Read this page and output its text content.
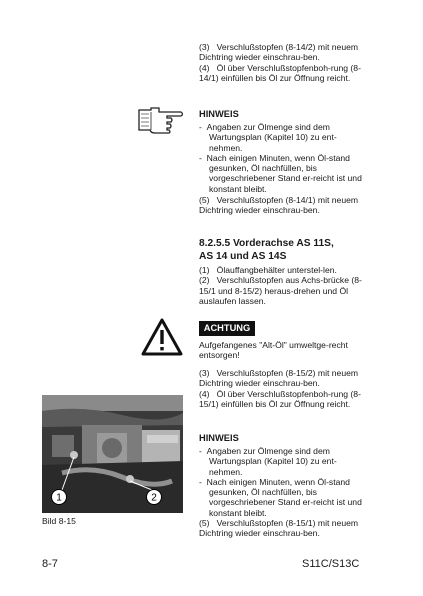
(3)   Verschlußstopfen (8-14/2) mit neuem Dichtring wieder einschrau-ben.

(4)   Öl über Verschlußstopfenboh-rung (8-14/1) einfüllen bis Öl zur Öffnung reicht.

HINWEIS

-  Angaben zur Ölmenge sind dem Wartungsplan (Kapitel 10) zu ent-nehmen.

-  Nach einigen Minuten, wenn Öl-stand gesunken, Öl nachfüllen, bis vorgeschriebener Stand er-reicht ist und konstant bleibt.

(5)   Verschlußstopfen (8-14/1) mit neuem Dichtring wieder einschrau-ben.

8.2.5.5 Vorderachse AS 11S,
AS 14 und AS 14S

(1)   Ölauffangbehälter unterstel-len.

(2)   Verschlußstopfen aus Achs-brücke (8-15/1 und 8-15/2) heraus-drehen und Öl auslaufen lassen.

ACHTUNG
Aufgefangenes "Alt-Öl" umweltge-recht entsorgen!

(3)   Verschlußstopfen (8-15/2) mit neuem Dichtring wieder einschrau-ben.

(4)   Öl über Verschlußstopfenboh-rung (8-15/1) einfüllen bis Öl zur Öffnung reicht.

HINWEIS

-  Angaben zur Ölmenge sind dem Wartungsplan (Kapitel 10) zu ent-nehmen.

-  Nach einigen Minuten, wenn Öl-stand gesunken, Öl nachfüllen, bis vorgeschriebener Stand er-reicht ist und konstant bleibt.

(5)   Verschlußstopfen (8-15/1) mit neuem Dichtring wieder einschrau-ben.

1	2
Bild 8-15
8-7	S11C/S13C
